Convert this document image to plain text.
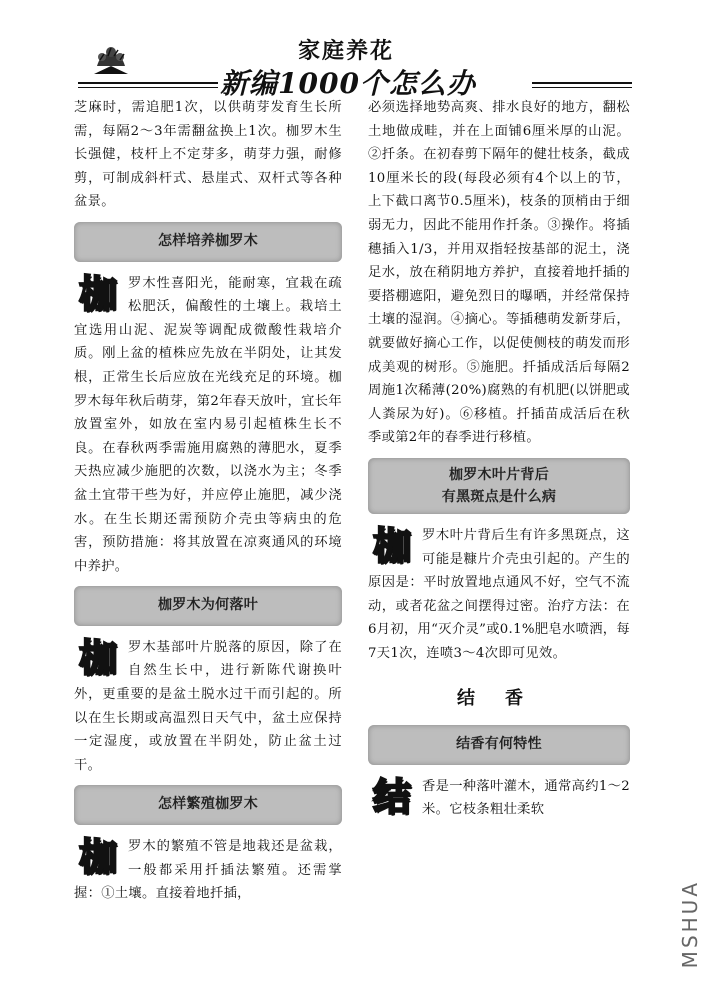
家庭养花
新编1000个怎么办

芝麻时，需追肥1次，以供萌芽发育生长所需，每隔2～3年需翻盆换上1次。枷罗木生长强健，枝杆上不定芽多，萌芽力强，耐修剪，可制成斜杆式、悬崖式、双杆式等各种盆景。

怎样培养枷罗木

枷罗木性喜阳光，能耐寒，宜栽在疏松肥沃，偏酸性的土壤上。栽培土宜选用山泥、泥炭等调配成微酸性栽培介质。刚上盆的植株应先放在半阴处，让其发根，正常生长后应放在光线充足的环境。枷罗木每年秋后萌芽，第2年春天放叶，宜长年放置室外，如放在室内易引起植株生长不良。在春秋两季需施用腐熟的薄肥水，夏季天热应减少施肥的次数，以浇水为主；冬季盆土宜带干些为好，并应停止施肥，减少浇水。在生长期还需预防介壳虫等病虫的危害，预防措施：将其放置在凉爽通风的环境中养护。

枷罗木为何落叶

枷罗木基部叶片脱落的原因，除了在自然生长中，进行新陈代谢换叶外，更重要的是盆土脱水过干而引起的。所以在生长期或高温烈日天气中，盆土应保持一定湿度，或放置在半阴处，防止盆土过干。

怎样繁殖枷罗木

枷罗木的繁殖不管是地栽还是盆栽，一般都采用扦插法繁殖。还需掌握：①土壤。直接着地扦插，

必须选择地势高爽、排水良好的地方，翻松土地做成畦，并在上面铺6厘米厚的山泥。②扦条。在初春剪下隔年的健壮枝条，截成10厘米长的段(每段必须有4个以上的节，上下截口离节0.5厘米)，枝条的顶梢由于细弱无力，因此不能用作扦条。③操作。将插穗插入1/3，并用双指轻按基部的泥土，浇足水，放在稍阴地方养护，直接着地扦插的要搭棚遮阳，避免烈日的曝晒，并经常保持土壤的湿润。④摘心。等插穗萌发新芽后，就要做好摘心工作，以促使侧枝的萌发而形成美观的树形。⑤施肥。扦插成活后每隔2周施1次稀薄(20%)腐熟的有机肥(以饼肥或人粪尿为好)。⑥移植。扦插苗成活后在秋季或第2年的春季进行移植。

枷罗木叶片背后
有黑斑点是什么病

枷罗木叶片背后生有许多黑斑点，这可能是糠片介壳虫引起的。产生的原因是：平时放置地点通风不好，空气不流动，或者花盆之间摆得过密。治疗方法：在6月初，用“灭介灵”或0.1%肥皂水喷洒，每7天1次，连喷3～4次即可见效。

结香
结香有何特性

结香是一种落叶灌木，通常高约1～2米。它枝条粗壮柔软

MSHUA
